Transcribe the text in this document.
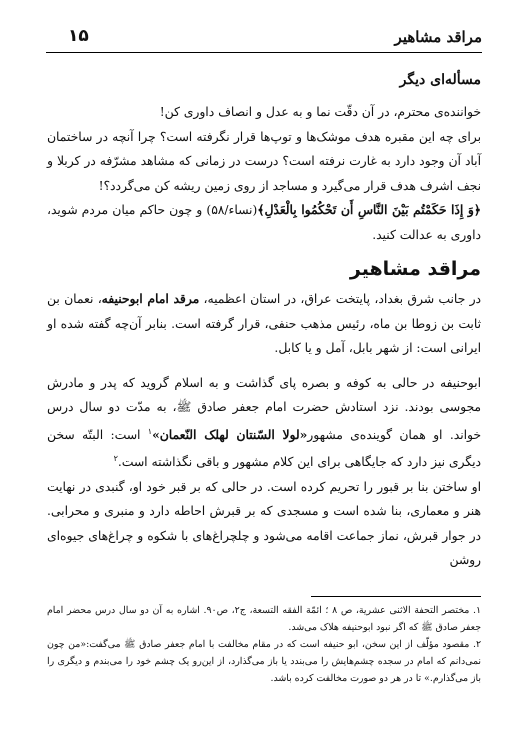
مراقد مشاهیر
۱۵
مسأله‌ای دیگر

خواننده‌ی محترم، در آن دقّت نما و به عدل و انصاف داوری کن!

برای چه این مقبره هدف موشک‌ها و توپ‌ها قرار نگرفته است؟ چرا آنچه در ساختمان آباد آن وجود دارد به غارت نرفته است؟ درست در زمانی که مشاهد مشرّفه در کربلا و نجف اشرف هدف قرار می‌گیرد و مساجد از روی زمین ریشه کن می‌گردد؟!

﴿وَ إِذَا حَكَمْتُم بَيْنَ النَّاسِ أَن تَحْكُمُوا بِالْعَدْلِ﴾(نساء/۵۸) و چون حاکم میان مردم شوید، داوری به عدالت کنید.

مراقد مشاهیر

در جانب شرق بغداد، پایتخت عراق، در استان اعظمیه، مرقد امام ابوحنیفه، نعمان بن ثابت بن زوطا بن ماه، رئیس مذهب حنفی، قرار گرفته است. بنابر آن‌چه گفته شده او ایرانی است: از شهر بابل، آمل و یا کابل.

ابوحنیفه در حالی به کوفه و بصره پای گذاشت و به اسلام گروید که پدر و مادرش مجوسی بودند. نزد استادش حضرت امام جعفر صادق ﷺ، به مدّت دو سال درس خواند. او همان گوینده‌ی مشهور«لولا السّنتان لهلک النّعمان»$^۱$ است: البتّه سخن دیگری نیز دارد که جایگاهی برای این کلام مشهور و باقی نگذاشته است.$^۲$

او ساختن بنا بر قبور را تحریم کرده است. در حالی که بر قبر خود او، گنبدی در نهایت هنر و معماری، بنا شده است و مسجدی که بر قبرش احاطه دارد و منبری و محرابی. در جوار قبرش، نماز جماعت اقامه می‌شود و چلچراغ‌های با شکوه و چراغ‌های جیوه‌ای روشن

۱. مختصر التحفة الاثنی عشریة، ص ۸ ؛ ائمّة الفقه التسعة، ج۲، ص۹۰. اشاره به آن دو سال درس محضر امام جعفر صادق ﷺ که اگر نبود ابوحنیفه هلاک می‌شد.

۲. مقصود مؤلّف از این سخن، ابو حنیفه است که در مقام مخالفت با امام جعفر صادق ﷺ می‌گفت:«من چون نمی‌دانم که امام در سجده چشم‌هایش را می‌بندد یا باز می‌گذارد، از این‌رو یک چشم خود را می‌بندم و دیگری را باز می‌گذارم.» تا در هر دو صورت مخالفت کرده باشد.
